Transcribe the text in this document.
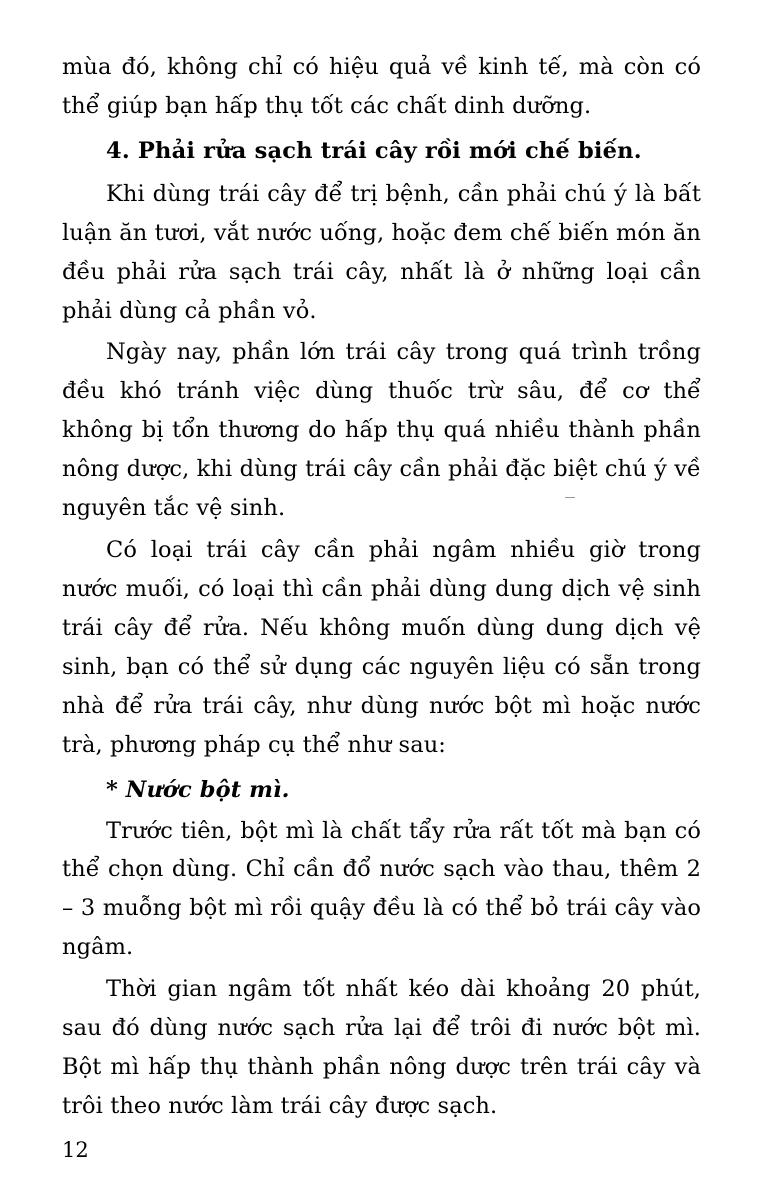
mùa đó, không chỉ có hiệu quả về kinh tế, mà còn có thể giúp bạn hấp thụ tốt các chất dinh dưỡng.

4. Phải rửa sạch trái cây rồi mới chế biến.

Khi dùng trái cây để trị bệnh, cần phải chú ý là bất luận ăn tươi, vắt nước uống, hoặc đem chế biến món ăn đều phải rửa sạch trái cây, nhất là ở những loại cần phải dùng cả phần vỏ.

Ngày nay, phần lớn trái cây trong quá trình trồng đều khó tránh việc dùng thuốc trừ sâu, để cơ thể không bị tổn thương do hấp thụ quá nhiều thành phần nông dược, khi dùng trái cây cần phải đặc biệt chú ý về nguyên tắc vệ sinh.

Có loại trái cây cần phải ngâm nhiều giờ trong nước muối, có loại thì cần phải dùng dung dịch vệ sinh trái cây để rửa. Nếu không muốn dùng dung dịch vệ sinh, bạn có thể sử dụng các nguyên liệu có sẵn trong nhà để rửa trái cây, như dùng nước bột mì hoặc nước trà, phương pháp cụ thể như sau:

* Nước bột mì.

Trước tiên, bột mì là chất tẩy rửa rất tốt mà bạn có thể chọn dùng. Chỉ cần đổ nước sạch vào thau, thêm 2 – 3 muỗng bột mì rồi quậy đều là có thể bỏ trái cây vào ngâm.

Thời gian ngâm tốt nhất kéo dài khoảng 20 phút, sau đó dùng nước sạch rửa lại để trôi đi nước bột mì. Bột mì hấp thụ thành phần nông dược trên trái cây và trôi theo nước làm trái cây được sạch.

12
